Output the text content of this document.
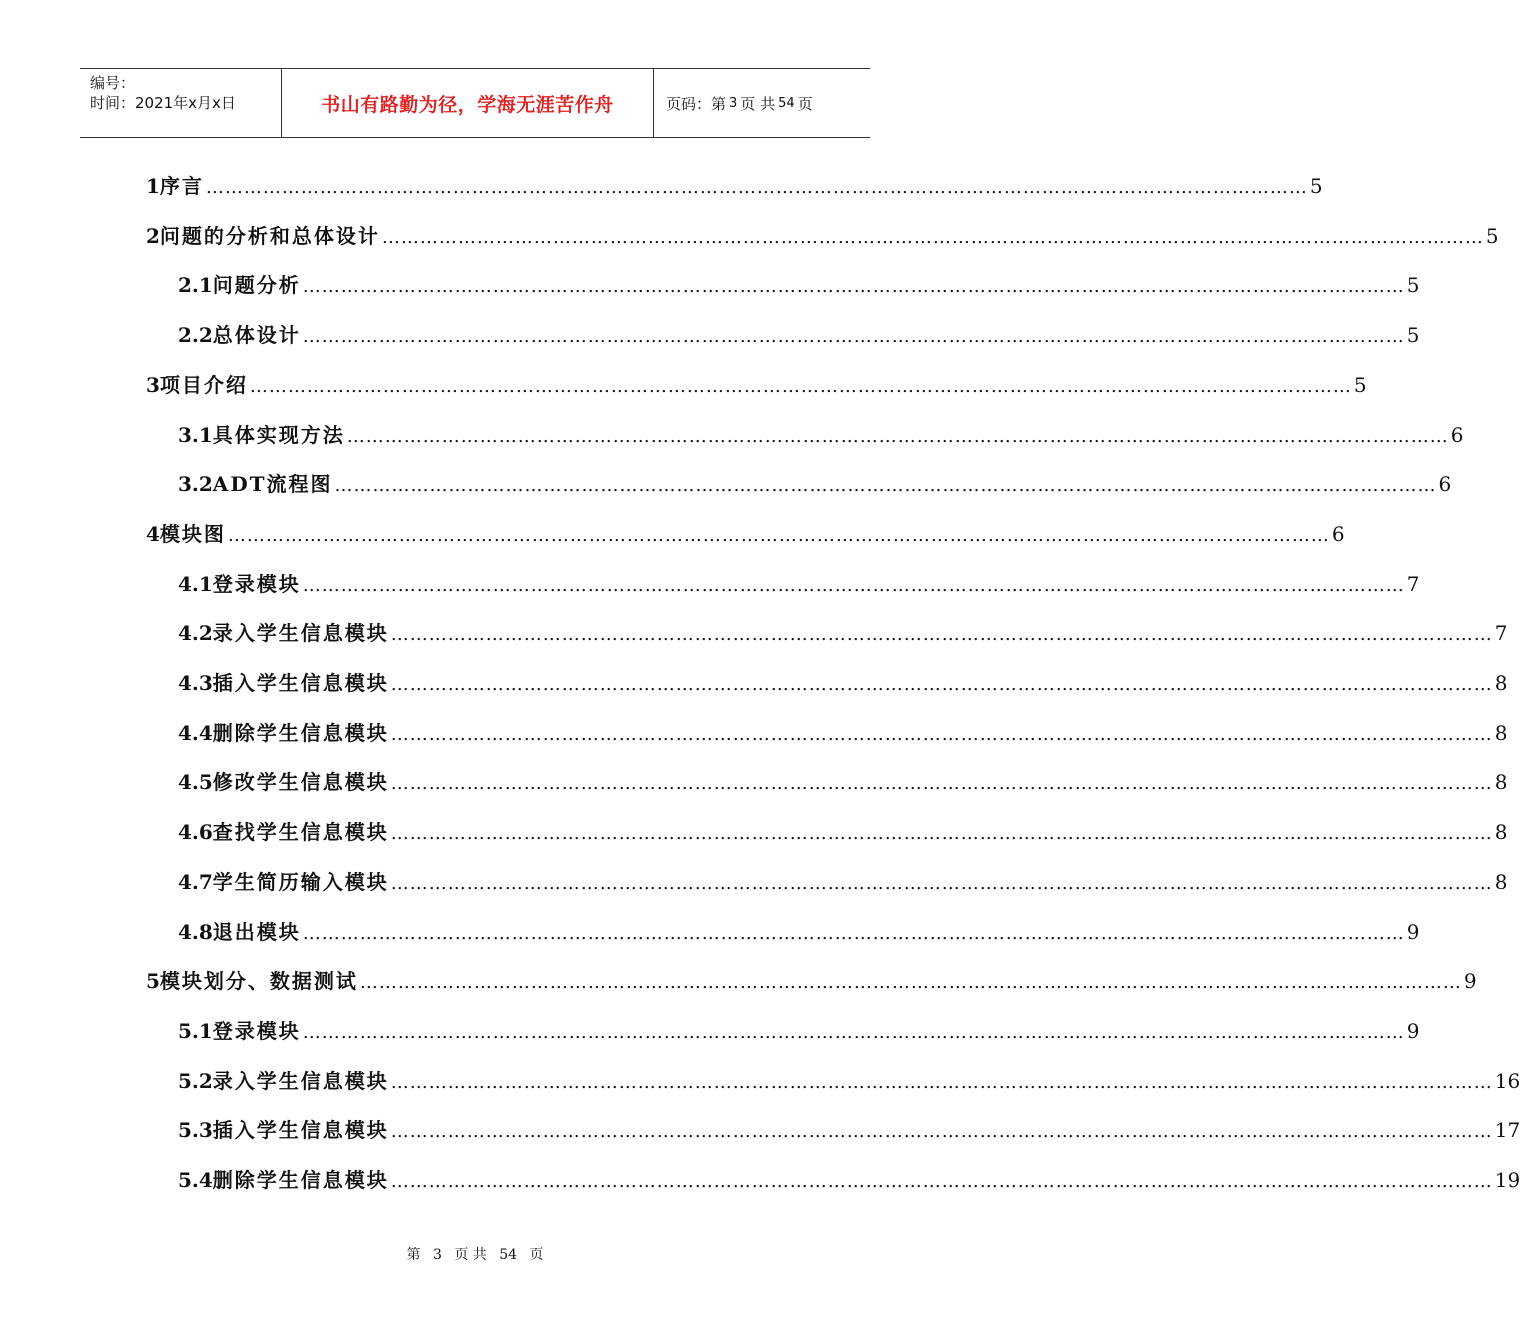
编号：
时间：2021年x月x日	书山有路勤为径，学海无涯苦作舟	页码：第 3 页 共 54 页
1 序言 ………………………………………………………………………………………………………………………………………………………… 5
2 问题的分析和总体设计 ………………………………………………………………………………………………………………………………………………………… 5
2.1 问题分析 ………………………………………………………………………………………………………………………………………………………… 5
2.2 总体设计 ………………………………………………………………………………………………………………………………………………………… 5
3 项目介绍 ………………………………………………………………………………………………………………………………………………………… 5
3.1 具体实现方法 ………………………………………………………………………………………………………………………………………………………… 6
3.2 ADT流程图 ………………………………………………………………………………………………………………………………………………………… 6
4 模块图 ………………………………………………………………………………………………………………………………………………………… 6
4.1 登录模块 ………………………………………………………………………………………………………………………………………………………… 7
4.2 录入学生信息模块 ………………………………………………………………………………………………………………………………………………………… 7
4.3 插入学生信息模块 ………………………………………………………………………………………………………………………………………………………… 8
4.4 删除学生信息模块 ………………………………………………………………………………………………………………………………………………………… 8
4.5 修改学生信息模块 ………………………………………………………………………………………………………………………………………………………… 8
4.6 查找学生信息模块 ………………………………………………………………………………………………………………………………………………………… 8
4.7 学生简历输入模块 ………………………………………………………………………………………………………………………………………………………… 8
4.8 退出模块 ………………………………………………………………………………………………………………………………………………………… 9
5 模块划分、数据测试 ………………………………………………………………………………………………………………………………………………………… 9
5.1 登录模块 ………………………………………………………………………………………………………………………………………………………… 9
5.2 录入学生信息模块 ………………………………………………………………………………………………………………………………………………………… 16
5.3 插入学生信息模块 ………………………………………………………………………………………………………………………………………………………… 17
5.4 删除学生信息模块 ………………………………………………………………………………………………………………………………………………………… 19
第 3 页 共 54 页
